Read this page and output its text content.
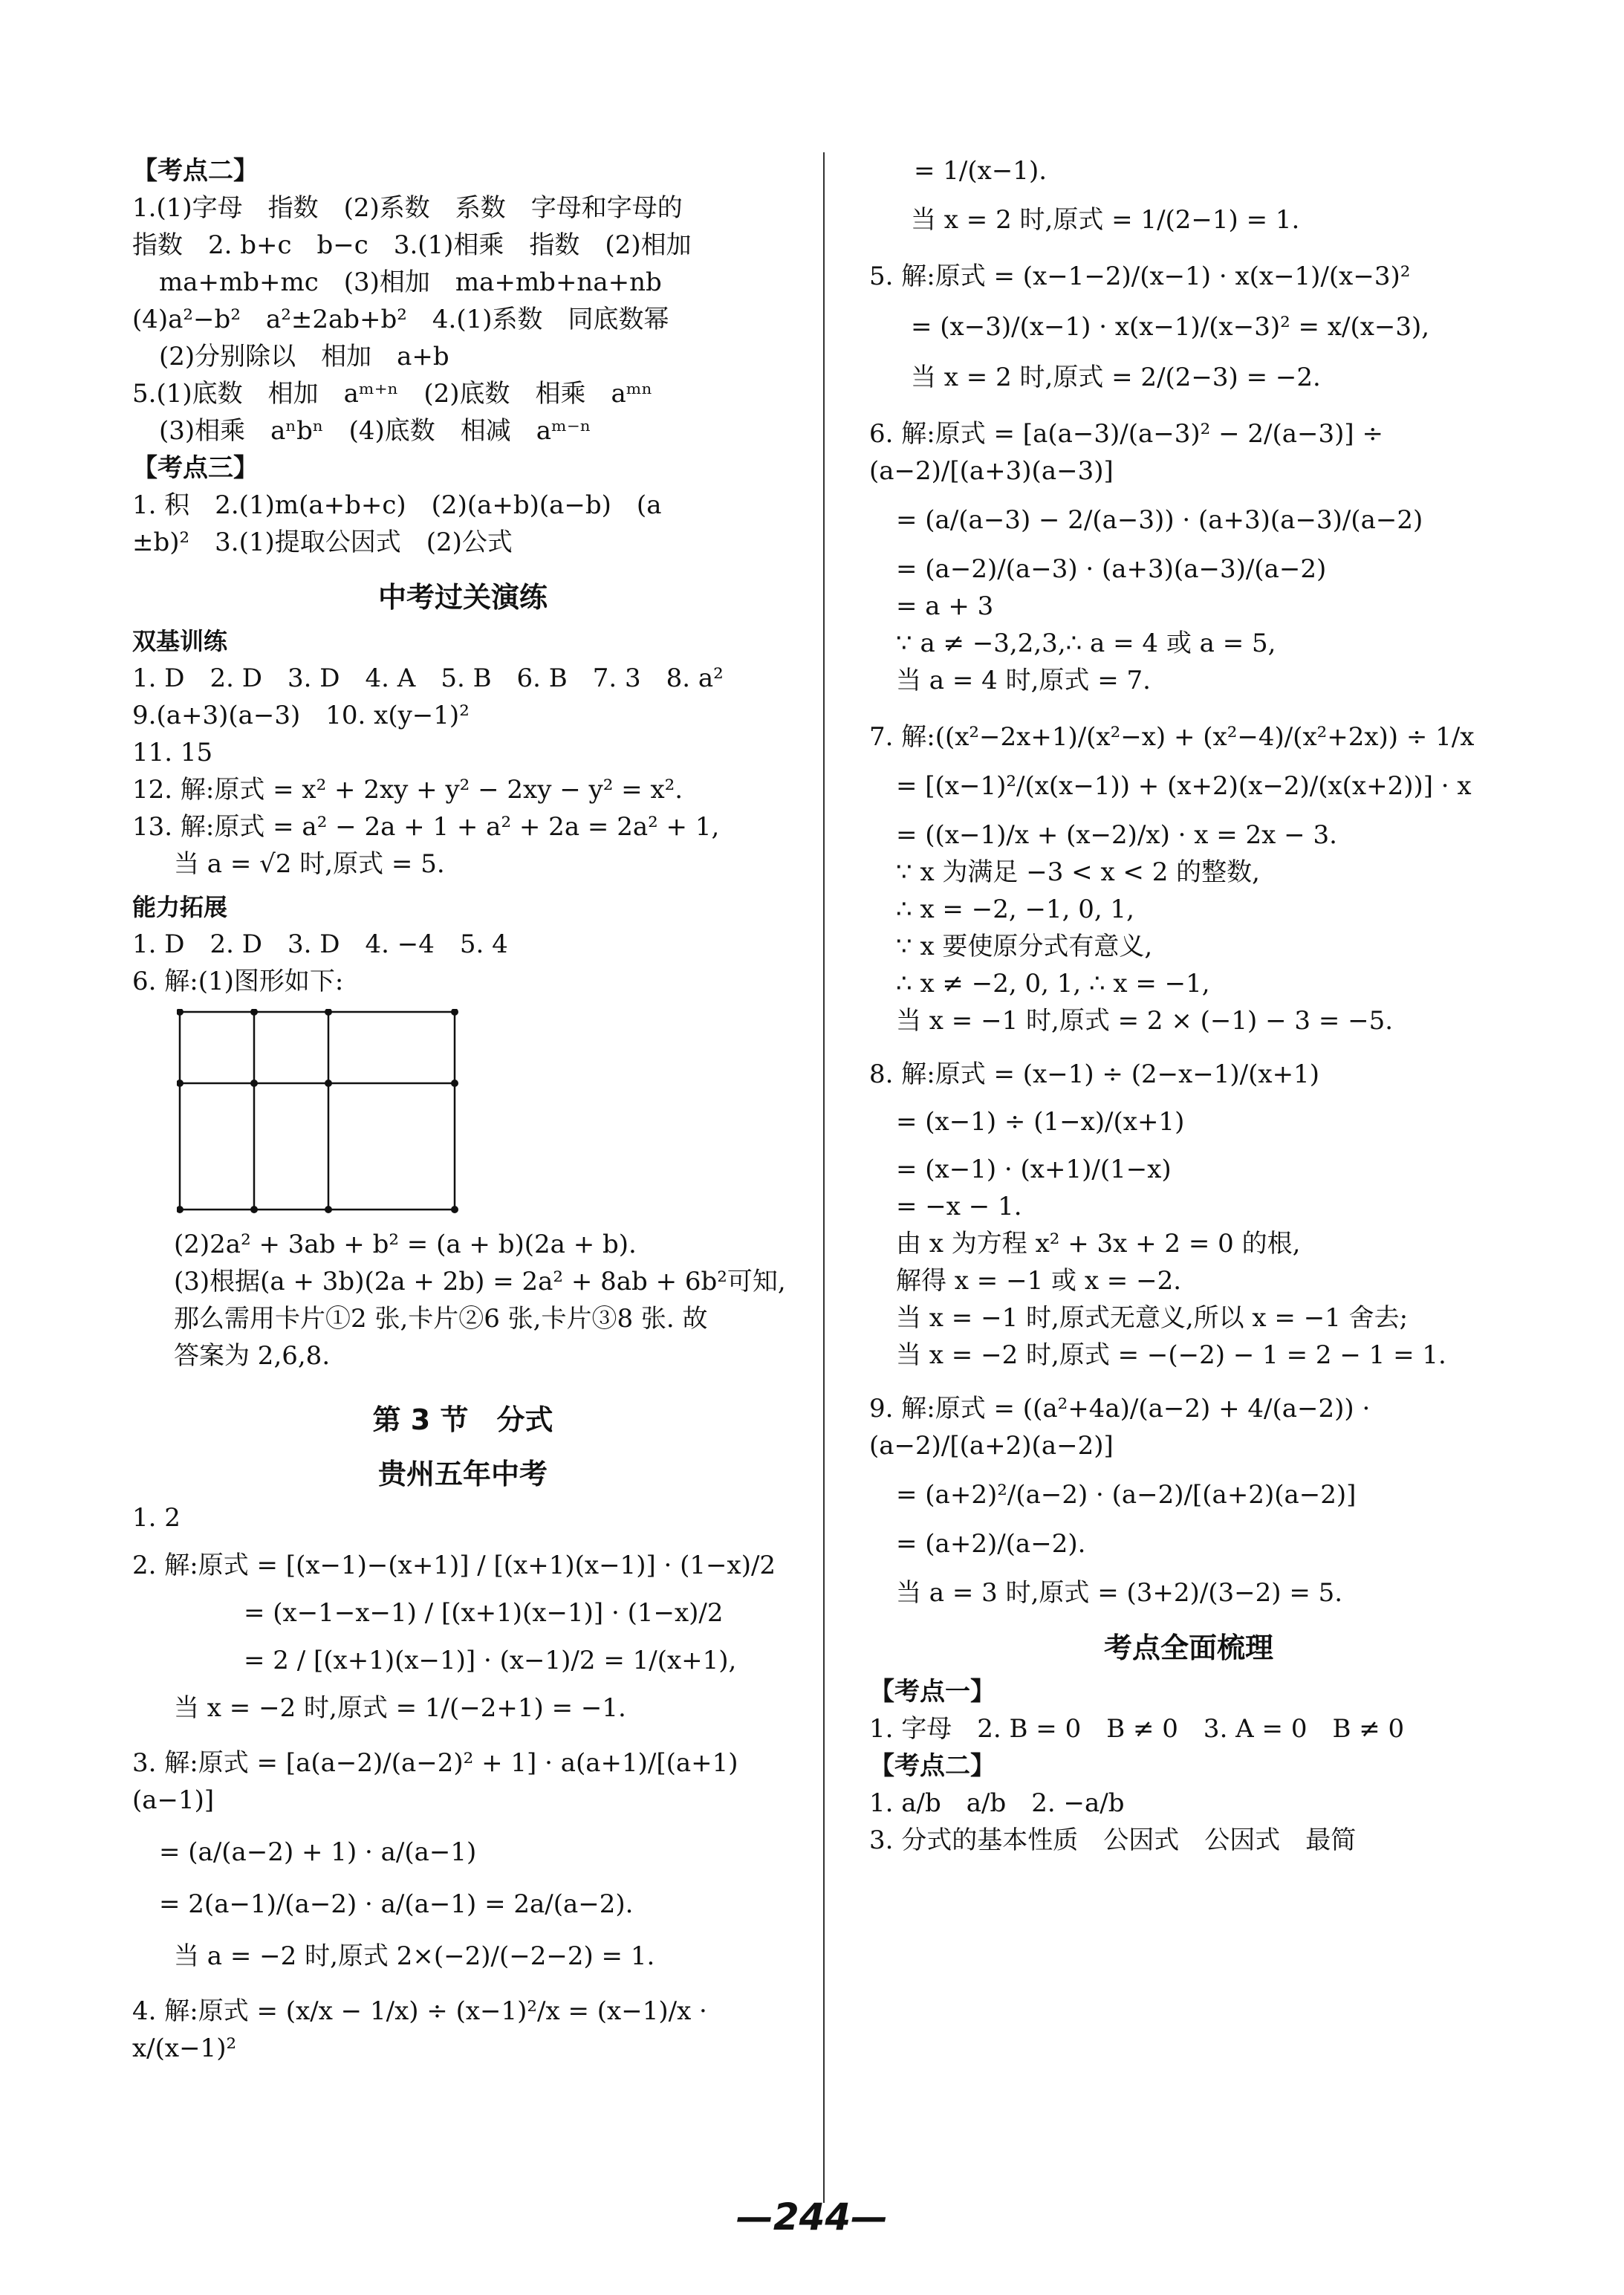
【考点二】

1.(1)字母　指数　(2)系数　系数　字母和字母的

指数　2. b+c　b−c　3.(1)相乘　指数　(2)相加

ma+mb+mc　(3)相加　ma+mb+na+nb

(4)a²−b²　a²±2ab+b²　4.(1)系数　同底数幂

(2)分别除以　相加　a+b

5.(1)底数　相加　aᵐ⁺ⁿ　(2)底数　相乘　aᵐⁿ

(3)相乘　aⁿbⁿ　(4)底数　相减　aᵐ⁻ⁿ

【考点三】

1. 积　2.(1)m(a+b+c)　(2)(a+b)(a−b)　(a

±b)²　3.(1)提取公因式　(2)公式

中考过关演练
双基训练

1. D　2. D　3. D　4. A　5. B　6. B　7. 3　8. a²

9.(a+3)(a−3)　10. x(y−1)²

11. 15

12. 解:原式 = x² + 2xy + y² − 2xy − y² = x².

13. 解:原式 = a² − 2a + 1 + a² + 2a = 2a² + 1,

当 a = √2 时,原式 = 5.

能力拓展

1. D　2. D　3. D　4. −4　5. 4

6. 解:(1)图形如下:

(2)2a² + 3ab + b² = (a + b)(2a + b).

(3)根据(a + 3b)(2a + 2b) = 2a² + 8ab + 6b²可知,

那么需用卡片①2 张,卡片②6 张,卡片③8 张. 故

答案为 2,6,8.

第 3 节　分式
贵州五年中考

1. 2

2. 解:原式 = [(x−1)−(x+1)] / [(x+1)(x−1)] · (1−x)/2

= (x−1−x−1) / [(x+1)(x−1)] · (1−x)/2

= 2 / [(x+1)(x−1)] · (x−1)/2 = 1/(x+1),

当 x = −2 时,原式 = 1/(−2+1) = −1.

3. 解:原式 = [a(a−2)/(a−2)² + 1] · a(a+1)/[(a+1)(a−1)]

= (a/(a−2) + 1) · a/(a−1)

= 2(a−1)/(a−2) · a/(a−1) = 2a/(a−2).

当 a = −2 时,原式 2×(−2)/(−2−2) = 1.

4. 解:原式 = (x/x − 1/x) ÷ (x−1)²/x = (x−1)/x · x/(x−1)²

= 1/(x−1).

当 x = 2 时,原式 = 1/(2−1) = 1.

5. 解:原式 = (x−1−2)/(x−1) · x(x−1)/(x−3)²

= (x−3)/(x−1) · x(x−1)/(x−3)² = x/(x−3),

当 x = 2 时,原式 = 2/(2−3) = −2.

6. 解:原式 = [a(a−3)/(a−3)² − 2/(a−3)] ÷ (a−2)/[(a+3)(a−3)]

= (a/(a−3) − 2/(a−3)) · (a+3)(a−3)/(a−2)

= (a−2)/(a−3) · (a+3)(a−3)/(a−2)

= a + 3

∵ a ≠ −3,2,3,∴ a = 4 或 a = 5,

当 a = 4 时,原式 = 7.

7. 解:((x²−2x+1)/(x²−x) + (x²−4)/(x²+2x)) ÷ 1/x

= [(x−1)²/(x(x−1)) + (x+2)(x−2)/(x(x+2))] · x

= ((x−1)/x + (x−2)/x) · x = 2x − 3.

∵ x 为满足 −3 < x < 2 的整数,

∴ x = −2, −1, 0, 1,

∵ x 要使原分式有意义,

∴ x ≠ −2, 0, 1, ∴ x = −1,

当 x = −1 时,原式 = 2 × (−1) − 3 = −5.

8. 解:原式 = (x−1) ÷ (2−x−1)/(x+1)

= (x−1) ÷ (1−x)/(x+1)

= (x−1) · (x+1)/(1−x)

= −x − 1.

由 x 为方程 x² + 3x + 2 = 0 的根,

解得 x = −1 或 x = −2.

当 x = −1 时,原式无意义,所以 x = −1 舍去;

当 x = −2 时,原式 = −(−2) − 1 = 2 − 1 = 1.

9. 解:原式 = ((a²+4a)/(a−2) + 4/(a−2)) · (a−2)/[(a+2)(a−2)]

= (a+2)²/(a−2) · (a−2)/[(a+2)(a−2)]

= (a+2)/(a−2).

当 a = 3 时,原式 = (3+2)/(3−2) = 5.

考点全面梳理

【考点一】

1. 字母　2. B = 0　B ≠ 0　3. A = 0　B ≠ 0

【考点二】

1. a/b　a/b　2. −a/b

3. 分式的基本性质　公因式　公因式　最简

—244—
